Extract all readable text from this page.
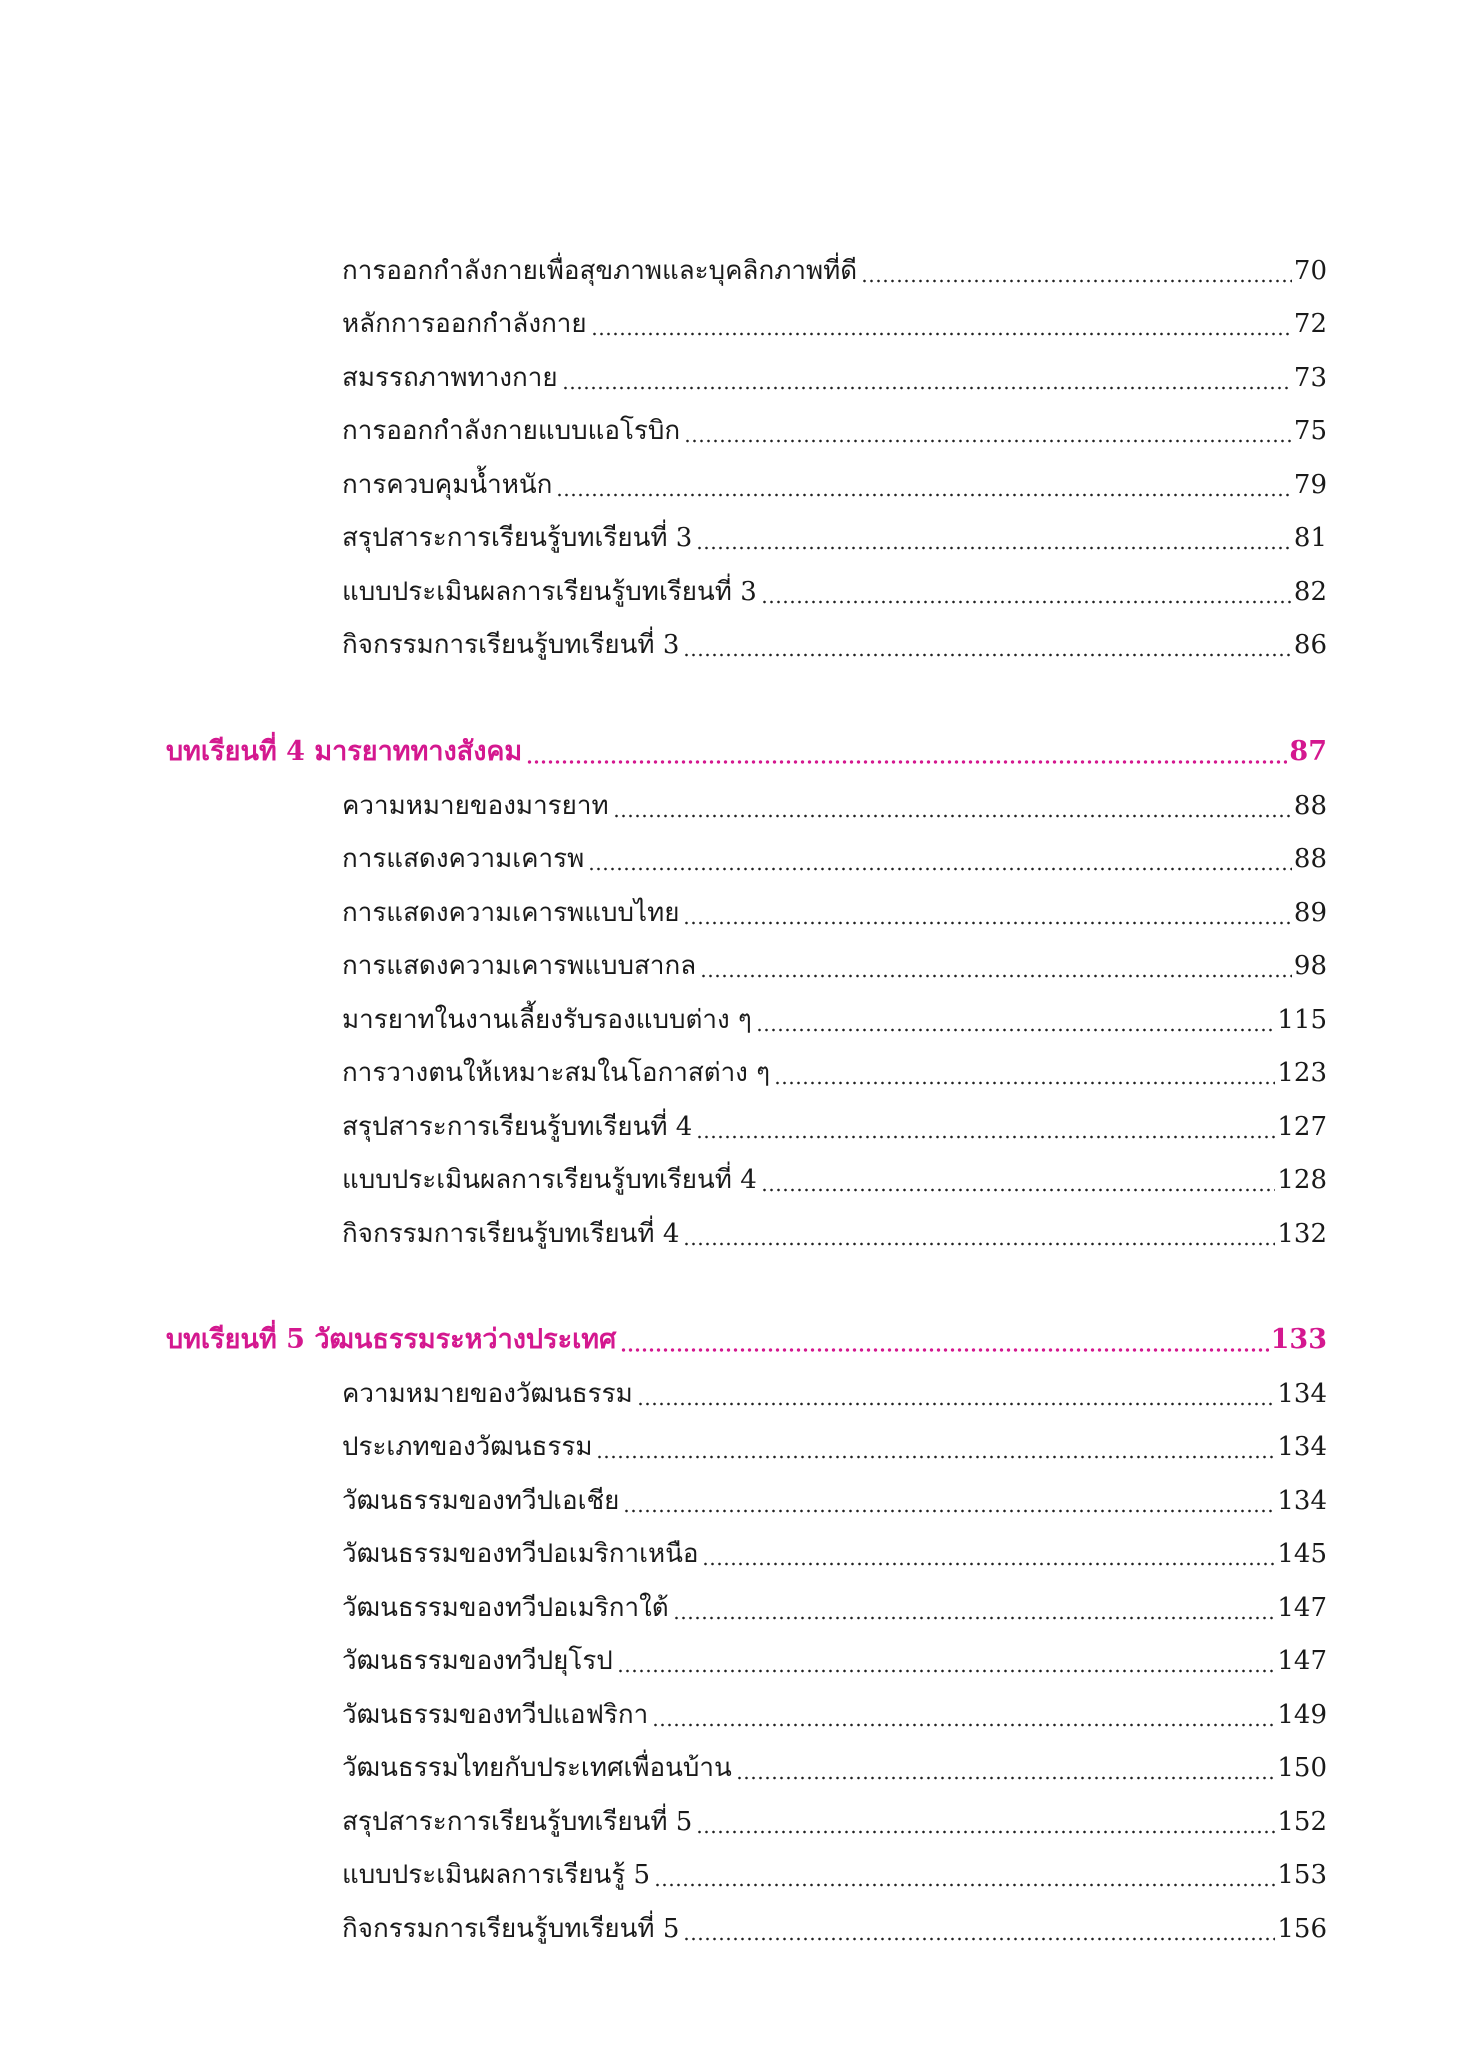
การออกกำลังกายเพื่อสุขภาพและบุคลิกภาพที่ดี	70
หลักการออกกำลังกาย	72
สมรรถภาพทางกาย	73
การออกกำลังกายแบบแอโรบิก	75
การควบคุมน้ำหนัก	79
สรุปสาระการเรียนรู้บทเรียนที่ 3	81
แบบประเมินผลการเรียนรู้บทเรียนที่ 3	82
กิจกรรมการเรียนรู้บทเรียนที่ 3	86
บทเรียนที่ 4 มารยาททางสังคม	87
ความหมายของมารยาท	88
การแสดงความเคารพ	88
การแสดงความเคารพแบบไทย	89
การแสดงความเคารพแบบสากล	98
มารยาทในงานเลี้ยงรับรองแบบต่าง ๆ	115
การวางตนให้เหมาะสมในโอกาสต่าง ๆ	123
สรุปสาระการเรียนรู้บทเรียนที่ 4	127
แบบประเมินผลการเรียนรู้บทเรียนที่ 4	128
กิจกรรมการเรียนรู้บทเรียนที่ 4	132
บทเรียนที่ 5 วัฒนธรรมระหว่างประเทศ	133
ความหมายของวัฒนธรรม	134
ประเภทของวัฒนธรรม	134
วัฒนธรรมของทวีปเอเชีย	134
วัฒนธรรมของทวีปอเมริกาเหนือ	145
วัฒนธรรมของทวีปอเมริกาใต้	147
วัฒนธรรมของทวีปยุโรป	147
วัฒนธรรมของทวีปแอฟริกา	149
วัฒนธรรมไทยกับประเทศเพื่อนบ้าน	150
สรุปสาระการเรียนรู้บทเรียนที่ 5	152
แบบประเมินผลการเรียนรู้ 5	153
กิจกรรมการเรียนรู้บทเรียนที่ 5	156
